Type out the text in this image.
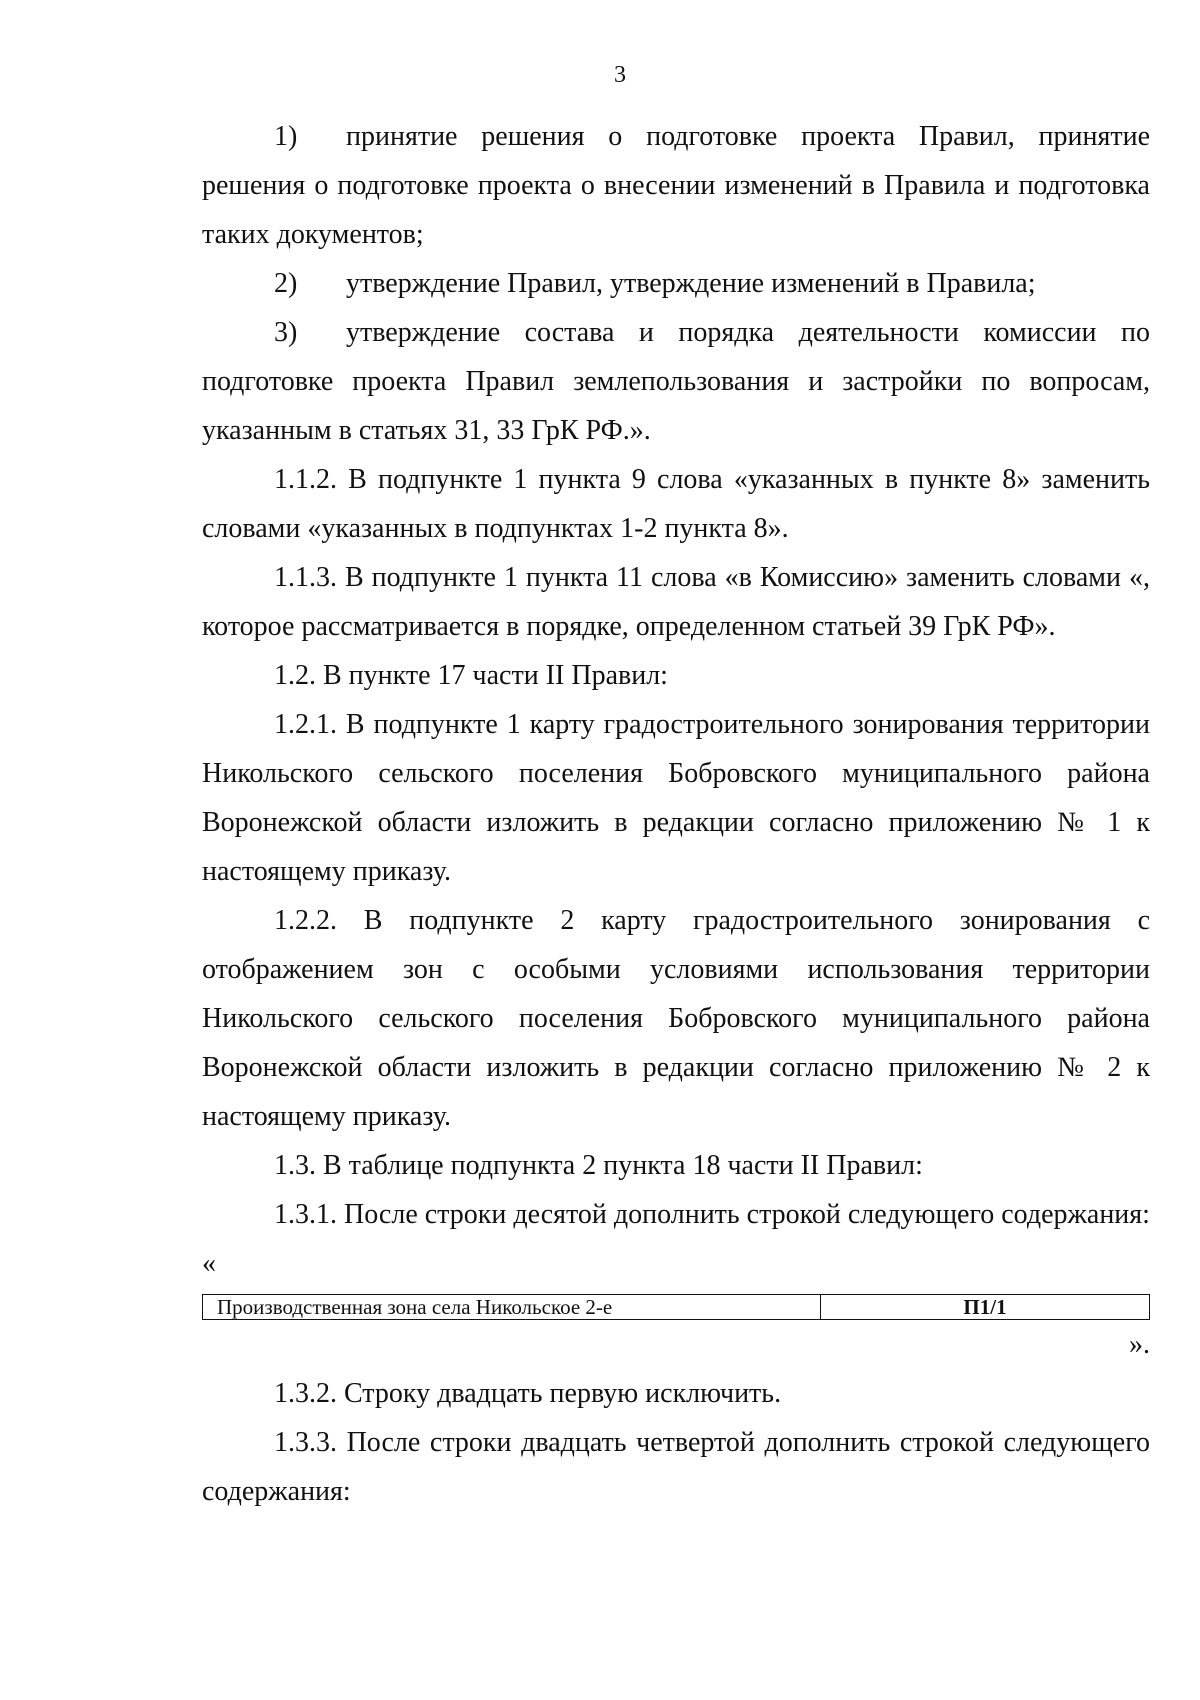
3

1) принятие решения о подготовке проекта Правил, принятие решения о подготовке проекта о внесении изменений в Правила и подготовка таких документов;

2) утверждение Правил, утверждение изменений в Правила;

3) утверждение состава и порядка деятельности комиссии по подготовке проекта Правил землепользования и застройки по вопросам, указанным в статьях 31, 33 ГрК РФ.».

1.1.2. В подпункте 1 пункта 9 слова «указанных в пункте 8» заменить словами «указанных в подпунктах 1-2 пункта 8».

1.1.3. В подпункте 1 пункта 11 слова «в Комиссию» заменить словами «, которое рассматривается в порядке, определенном статьей 39 ГрК РФ».

1.2. В пункте 17 части II Правил:

1.2.1. В подпункте 1 карту градостроительного зонирования территории Никольского сельского поселения Бобровского муниципального района Воронежской области изложить в редакции согласно приложению № 1 к настоящему приказу.

1.2.2. В подпункте 2 карту градостроительного зонирования с отображением зон с особыми условиями использования территории Никольского сельского поселения Бобровского муниципального района Воронежской области изложить в редакции согласно приложению № 2 к настоящему приказу.

1.3. В таблице подпункта 2 пункта 18 части II Правил:

1.3.1. После строки десятой дополнить строкой следующего содержания:

«

Производственная зона села Никольское 2-е	П1/1

».

1.3.2. Строку двадцать первую исключить.

1.3.3. После строки двадцать четвертой дополнить строкой следующего содержания:
